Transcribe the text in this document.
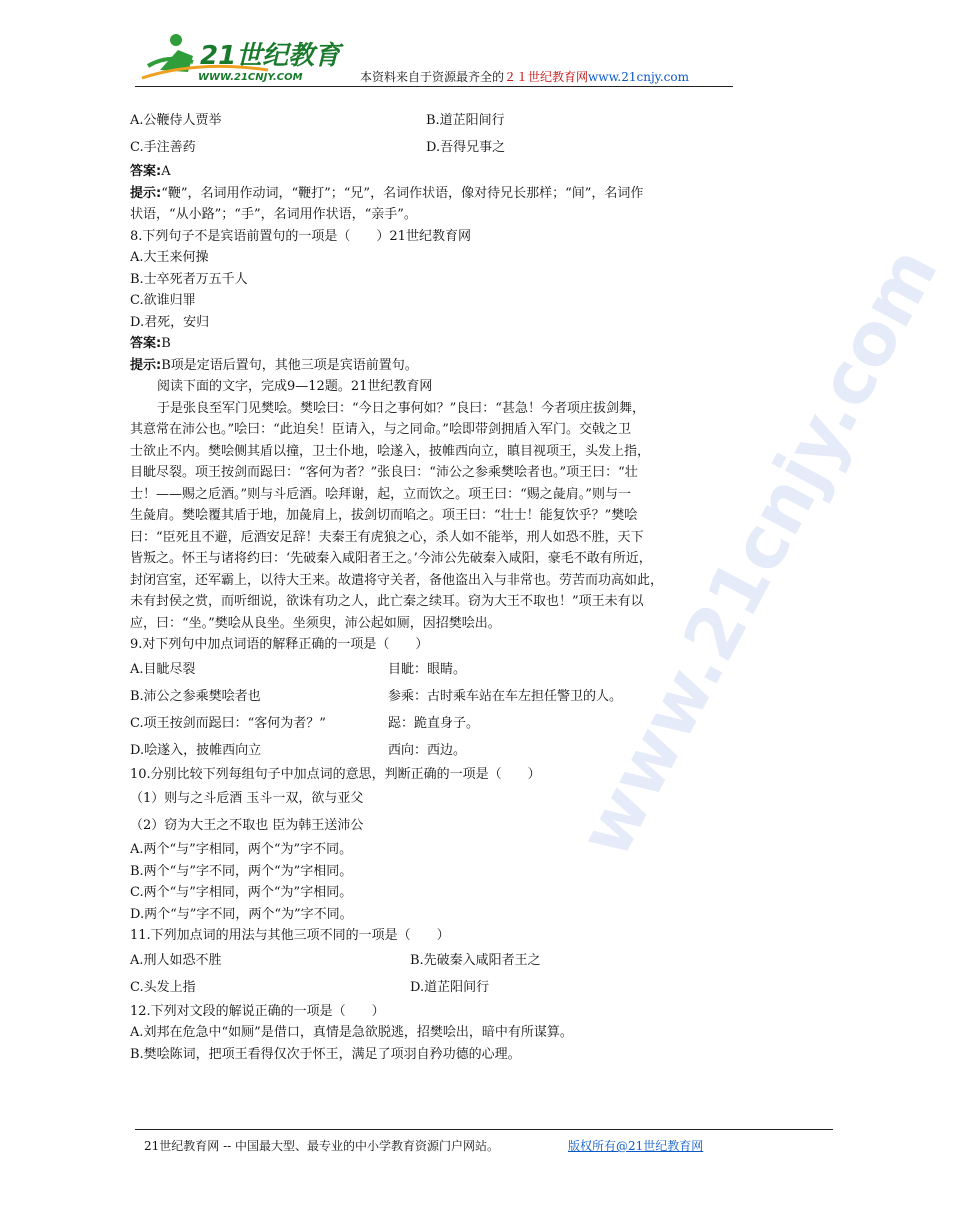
21世纪教育
WWW.21CNJY.COM	本资料来自于资源最齐全的２１世纪教育网www.21cnjy.com
www.21cnjy.com
A.公鞭侍人贾举	B.道芷阳间行
C.手注善药	D.吾得兄事之
答案:A
提示:“鞭”，名词用作动词，“鞭打”；“兄”，名词作状语，像对待兄长那样；“间”，名词作
状语，“从小路”；“手”，名词用作状语，“亲手”。
8.下列句子不是宾语前置句的一项是（　　）21世纪教育网
A.大王来何操
B.士卒死者万五千人
C.欲谁归罪
D.君死，安归
答案:B
提示:B项是定语后置句，其他三项是宾语前置句。
阅读下面的文字，完成9—12题。21世纪教育网
于是张良至军门见樊哙。樊哙曰：“今日之事何如？”良曰：“甚急！今者项庄拔剑舞，
其意常在沛公也。”哙曰：“此迫矣！臣请入，与之同命。”哙即带剑拥盾入军门。交戟之卫
士欲止不内。樊哙侧其盾以撞，卫士仆地，哙遂入，披帷西向立，瞋目视项王，头发上指，
目眦尽裂。项王按剑而跽曰：“客何为者？”张良曰：“沛公之参乘樊哙者也。”项王曰：“壮
士！——赐之卮酒。”则与斗卮酒。哙拜谢，起，立而饮之。项王曰：“赐之彘肩。”则与一
生彘肩。樊哙覆其盾于地，加彘肩上，拔剑切而啗之。项王曰：“壮士！能复饮乎？”樊哙
曰：“臣死且不避，卮酒安足辞！夫秦王有虎狼之心，杀人如不能举，刑人如恐不胜，天下
皆叛之。怀王与诸将约曰：‘先破秦入咸阳者王之。’今沛公先破秦入咸阳，豪毛不敢有所近，
封闭宫室，还军霸上，以待大王来。故遣将守关者，备他盗出入与非常也。劳苦而功高如此，
未有封侯之赏，而听细说，欲诛有功之人，此亡秦之续耳。窃为大王不取也！”项王未有以
应，曰：“坐。”樊哙从良坐。坐须臾，沛公起如厕，因招樊哙出。
9.对下列句中加点词语的解释正确的一项是（　　）
A.目眦尽裂	目眦：眼睛。
B.沛公之参乘樊哙者也	参乘：古时乘车站在车左担任警卫的人。
C.项王按剑而跽曰：“客何为者？”	跽：跪直身子。
D.哙遂入，披帷西向立	西向：西边。
10.分别比较下列每组句子中加点词的意思，判断正确的一项是（　　）
（1）则与之斗卮酒 玉斗一双，欲与亚父
（2）窃为大王之不取也 臣为韩王送沛公
A.两个“与”字相同，两个“为”字不同。
B.两个“与”字不同，两个“为”字相同。
C.两个“与”字相同，两个“为”字相同。
D.两个“与”字不同，两个“为”字不同。
11.下列加点词的用法与其他三项不同的一项是（　　）
A.刑人如恐不胜	B.先破秦入咸阳者王之
C.头发上指	D.道芷阳间行
12.下列对文段的解说正确的一项是（　　）
A.刘邦在危急中“如厕”是借口，真情是急欲脱逃，招樊哙出，暗中有所谋算。
B.樊哙陈词，把项王看得仅次于怀王，满足了项羽自矜功德的心理。
21世纪教育网 -- 中国最大型、最专业的中小学教育资源门户网站。	版权所有@21世纪教育网
